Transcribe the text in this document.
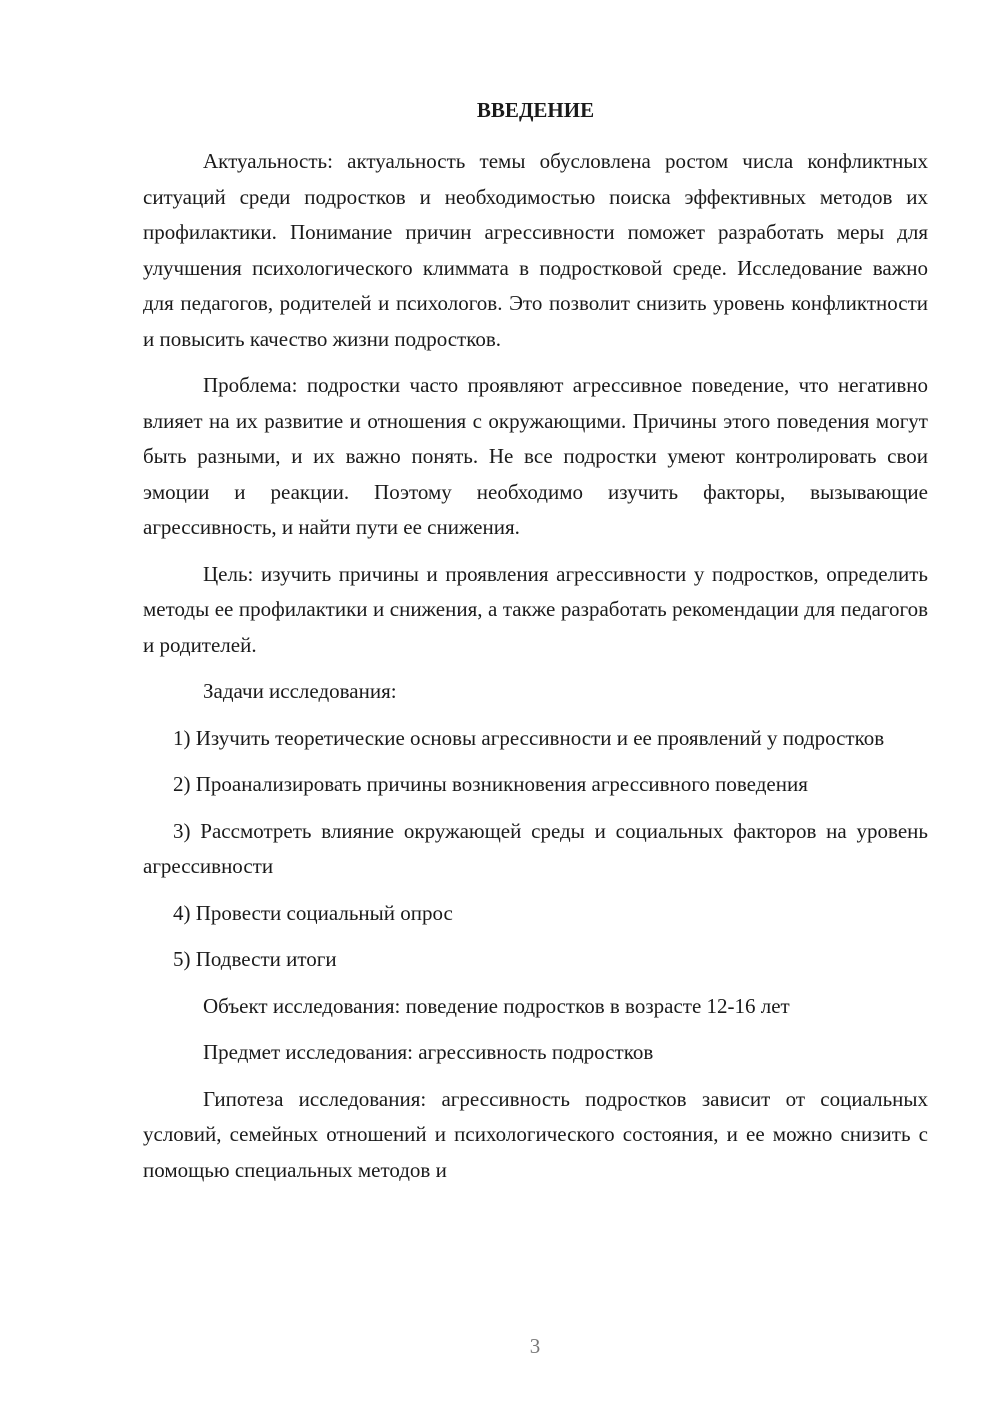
ВВЕДЕНИЕ

Актуальность: актуальность темы обусловлена ростом числа конфликтных ситуаций среди подростков и необходимостью поиска эффективных методов их профилактики. Понимание причин агрессивности поможет разработать меры для улучшения психологического климмата в подростковой среде. Исследование важно для педагогов, родителей и психологов. Это позволит снизить уровень конфликтности и повысить качество жизни подростков.

Проблема: подростки часто проявляют агрессивное поведение, что негативно влияет на их развитие и отношения с окружающими. Причины этого поведения могут быть разными, и их важно понять. Не все подростки умеют контролировать свои эмоции и реакции. Поэтому необходимо изучить факторы, вызывающие агрессивность, и найти пути ее снижения.

Цель: изучить причины и проявления агрессивности у подростков, определить методы ее профилактики и снижения, а также разработать рекомендации для педагогов и родителей.

Задачи исследования:

1) Изучить теоретические основы агрессивности и ее проявлений у подростков

2) Проанализировать причины возникновения агрессивного поведения

3) Рассмотреть влияние окружающей среды и социальных факторов на уровень агрессивности

4) Провести социальный опрос

5) Подвести итоги

Объект исследования: поведение подростков в возрасте 12-16 лет

Предмет исследования: агрессивность подростков

Гипотеза исследования: агрессивность подростков зависит от социальных условий, семейных отношений и психологического состояния, и ее можно снизить с помощью специальных методов и

3
